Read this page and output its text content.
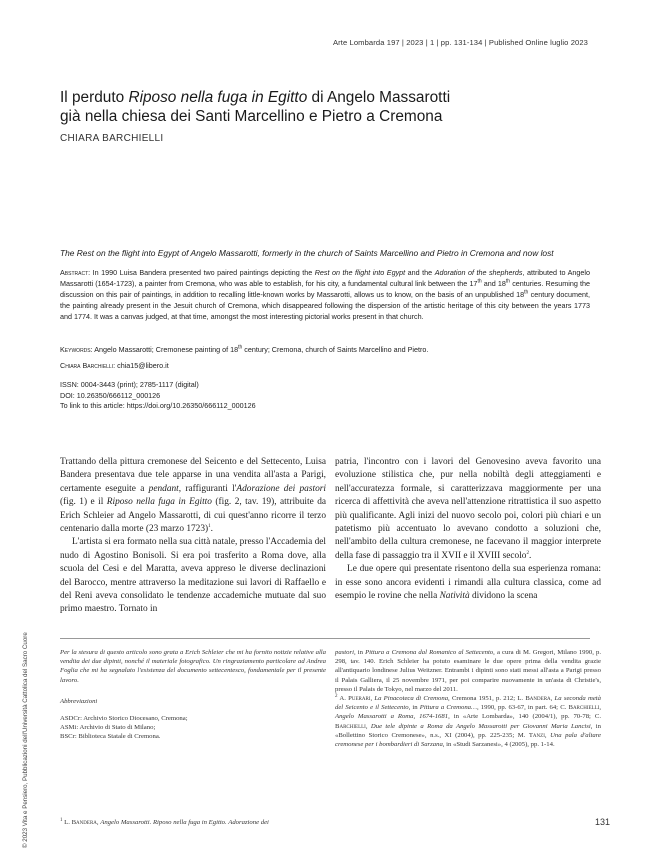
Arte Lombarda 197 | 2023 | 1 | pp. 131-134 | Published Online luglio 2023
Il perduto Riposo nella fuga in Egitto di Angelo Massarotti
già nella chiesa dei Santi Marcellino e Pietro a Cremona
CHIARA BARCHIELLI
The Rest on the flight into Egypt of Angelo Massarotti, formerly in the church of Saints Marcellino and Pietro in Cremona and now lost
Abstract: In 1990 Luisa Bandera presented two paired paintings depicting the Rest on the flight into Egypt and the Adoration of the shepherds, attributed to Angelo Massarotti (1654-1723), a painter from Cremona, who was able to establish, for his city, a fundamental cultural link between the 17th and 18th centuries. Resuming the discussion on this pair of paintings, in addition to recalling little-known works by Massarotti, allows us to know, on the basis of an unpublished 18th century document, the painting already present in the Jesuit church of Cremona, which disappeared following the dispersion of the artistic heritage of this city between the years 1773 and 1774. It was a canvas judged, at that time, amongst the most interesting pictorial works present in that church.
Keywords: Angelo Massarotti; Cremonese painting of 18th century; Cremona, church of Saints Marcellino and Pietro.
Chiara Barchielli: chia15@libero.it
ISSN: 0004-3443 (print); 2785-1117 (digital)
DOI: 10.26350/666112_000126
To link to this article: https://doi.org/10.26350/666112_000126

Trattando della pittura cremonese del Seicento e del Settecento, Luisa Bandera presentava due tele apparse in una vendita all'asta a Parigi, certamente eseguite a pendant, raffiguranti l'Adorazione dei pastori (fig. 1) e il Riposo nella fuga in Egitto (fig. 2, tav. 19), attribuite da Erich Schleier ad Angelo Massarotti, di cui quest'anno ricorre il terzo centenario dalla morte (23 marzo 1723)$^1$.

L'artista si era formato nella sua città natale, presso l'Accademia del nudo di Agostino Bonisoli. Si era poi trasferito a Roma dove, alla scuola del Cesi e del Maratta, aveva appreso le diverse declinazioni del Barocco, mentre attraverso la meditazione sui lavori di Raffaello e del Reni aveva consolidato le tendenze accademiche mutuate dal suo primo maestro. Tornato in

patria, l'incontro con i lavori del Genovesino aveva favorito una evoluzione stilistica che, pur nella nobiltà degli atteggiamenti e nell'accuratezza formale, si caratterizzava maggiormente per una ricerca di affettività che aveva nell'attenzione ritrattistica il suo aspetto più qualificante. Agli inizi del nuovo secolo poi, colori più chiari e un patetismo più accentuato lo avevano condotto a soluzioni che, nell'ambito della cultura cremonese, ne facevano il maggior interprete della fase di passaggio tra il XVII e il XVIII secolo$^2$.

Le due opere qui presentate risentono della sua esperienza romana: in esse sono ancora evidenti i rimandi alla cultura classica, come ad esempio le rovine che nella Natività dividono la scena

Per la stesura di questo articolo sono grata a Erich Schleier che mi ha fornito notizie relative alla vendita dei due dipinti, nonché il materiale fotografico. Un ringraziamento particolare ad Andrea Foglia che mi ha segnalato l'esistenza del documento settecentesco, fondamentale per il presente lavoro.

Abbreviazioni

ASDCr: Archivio Storico Diocesano, Cremona;

ASMi: Archivio di Stato di Milano;

BSCr: Biblioteca Statale di Cremona.

$^1$ L. Bandera, Angelo Massarotti. Riposo nella fuga in Egitto. Adorazione dei

pastori, in Pittura a Cremona dal Romanico al Settecento, a cura di M. Gregori, Milano 1990, p. 298, tav. 140. Erich Schleier ha potuto esaminare le due opere prima della vendita grazie all'antiquario londinese Julius Weitzner. Entrambi i dipinti sono stati messi all'asta a Parigi presso il Palais Galliera, il 25 novembre 1971, per poi comparire nuovamente in un'asta di Christie's, presso il Palais de Tokyo, nel marzo del 2011.

$^2$ A. Puerari, La Pinacoteca di Cremona, Cremona 1951, p. 212; L. Bandera, La seconda metà del Seicento e il Settecento, in Pittura a Cremona…, 1990, pp. 63-67, in part. 64; C. Barchielli, Angelo Massarotti a Roma, 1674-1681, in «Arte Lombarda», 140 (2004/1), pp. 70-78; C. Barchielli, Due tele dipinte a Roma da Angelo Massarotti per Giovanni Maria Lancisi, in «Bollettino Storico Cremonese», n.s., XI (2004), pp. 225-235; M. Tanzi, Una pala d'altare cremonese per i bombardieri di Sarzana, in «Studi Sarzanesi», 4 (2005), pp. 1-14.

© 2023 Vita e Pensiero, Pubblicazioni dell'Università Cattolica del Sacro Cuore	131
